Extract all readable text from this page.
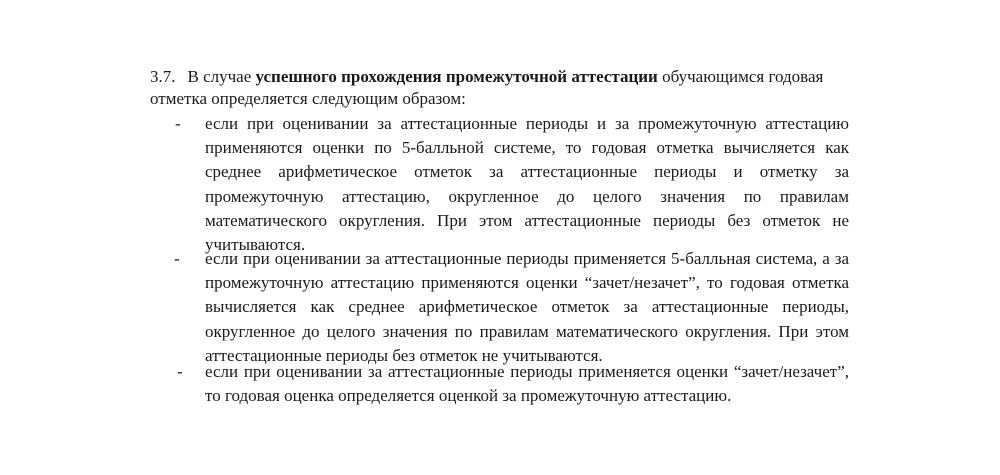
3.7. В случае успешного прохождения промежуточной аттестации обучающимся годовая
отметка определяется следующим образом:
- если при оценивании за аттестационные периоды и за промежуточную аттестацию
применяются оценки по 5-балльной системе, то годовая отметка вычисляется как
среднее арифметическое отметок за аттестационные периоды и отметку за
промежуточную аттестацию, округленное до целого значения по правилам
математического округления. При этом аттестационные периоды без отметок не
учитываются.
- если при оценивании за аттестационные периоды применяется 5-балльная система, а за
промежуточную аттестацию применяются оценки “зачет/незачет”, то годовая отметка
вычисляется как среднее арифметическое отметок за аттестационные периоды,
округленное до целого значения по правилам математического округления. При этом
аттестационные периоды без отметок не учитываются.
- если при оценивании за аттестационные периоды применяется оценки “зачет/незачет”,
то годовая оценка определяется оценкой за промежуточную аттестацию.
